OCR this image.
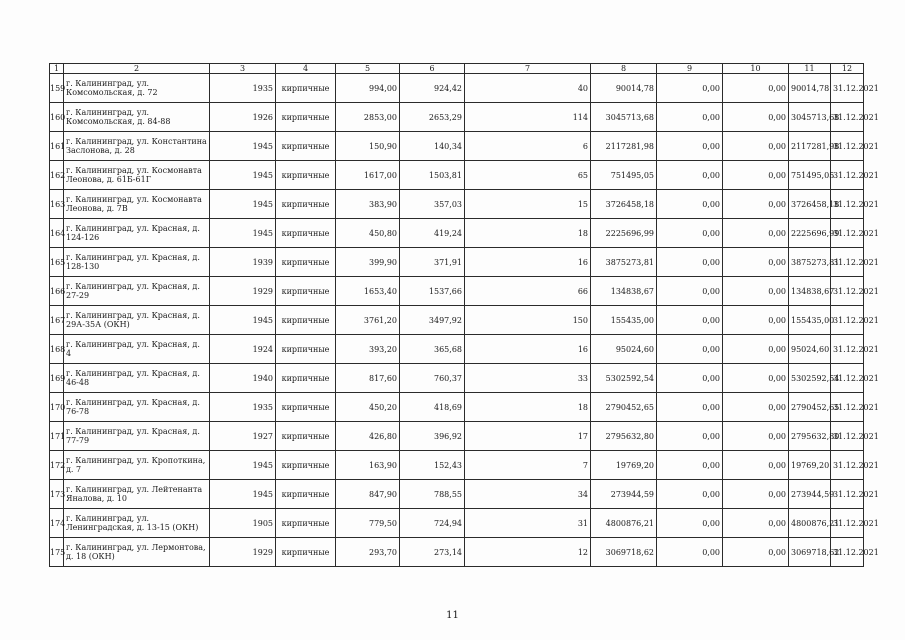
1	2	3	4	5	6	7	8	9	10	11	12
159	г. Калининград, ул. Комсомольская, д. 72	1935	кирпичные	994,00	924,42	40	90014,78	0,00	0,00	90014,78	31.12.2021
160	г. Калининград, ул. Комсомольская, д. 84-88	1926	кирпичные	2853,00	2653,29	114	3045713,68	0,00	0,00	3045713,68	31.12.2021
161	г. Калининград, ул. Константина Заслонова, д. 28	1945	кирпичные	150,90	140,34	6	2117281,98	0,00	0,00	2117281,98	31.12.2021
162	г. Калининград, ул. Космонавта Леонова, д. 61Б-61Г	1945	кирпичные	1617,00	1503,81	65	751495,05	0,00	0,00	751495,05	31.12.2021
163	г. Калининград, ул. Космонавта Леонова, д. 7В	1945	кирпичные	383,90	357,03	15	3726458,18	0,00	0,00	3726458,18	31.12.2021
164	г. Калининград, ул. Красная, д. 124-126	1945	кирпичные	450,80	419,24	18	2225696,99	0,00	0,00	2225696,99	31.12.2021
165	г. Калининград, ул. Красная, д. 128-130	1939	кирпичные	399,90	371,91	16	3875273,81	0,00	0,00	3875273,81	31.12.2021
166	г. Калининград, ул. Красная, д. 27-29	1929	кирпичные	1653,40	1537,66	66	134838,67	0,00	0,00	134838,67	31.12.2021
167	г. Калининград, ул. Красная, д. 29А-35А (ОКН)	1945	кирпичные	3761,20	3497,92	150	155435,00	0,00	0,00	155435,00	31.12.2021
168	г. Калининград, ул. Красная, д. 4	1924	кирпичные	393,20	365,68	16	95024,60	0,00	0,00	95024,60	31.12.2021
169	г. Калининград, ул. Красная, д. 46-48	1940	кирпичные	817,60	760,37	33	5302592,54	0,00	0,00	5302592,54	31.12.2021
170	г. Калининград, ул. Красная, д. 76-78	1935	кирпичные	450,20	418,69	18	2790452,65	0,00	0,00	2790452,65	31.12.2021
171	г. Калининград, ул. Красная, д. 77-79	1927	кирпичные	426,80	396,92	17	2795632,80	0,00	0,00	2795632,80	31.12.2021
172	г. Калининград, ул. Кропоткина, д. 7	1945	кирпичные	163,90	152,43	7	19769,20	0,00	0,00	19769,20	31.12.2021
173	г. Калининград, ул. Лейтенанта Яналова, д. 10	1945	кирпичные	847,90	788,55	34	273944,59	0,00	0,00	273944,59	31.12.2021
174	г. Калининград, ул. Ленинградская, д. 13-15 (ОКН)	1905	кирпичные	779,50	724,94	31	4800876,21	0,00	0,00	4800876,21	31.12.2021
175	г. Калининград, ул. Лермонтова, д. 18 (ОКН)	1929	кирпичные	293,70	273,14	12	3069718,62	0,00	0,00	3069718,62	31.12.2021
11
